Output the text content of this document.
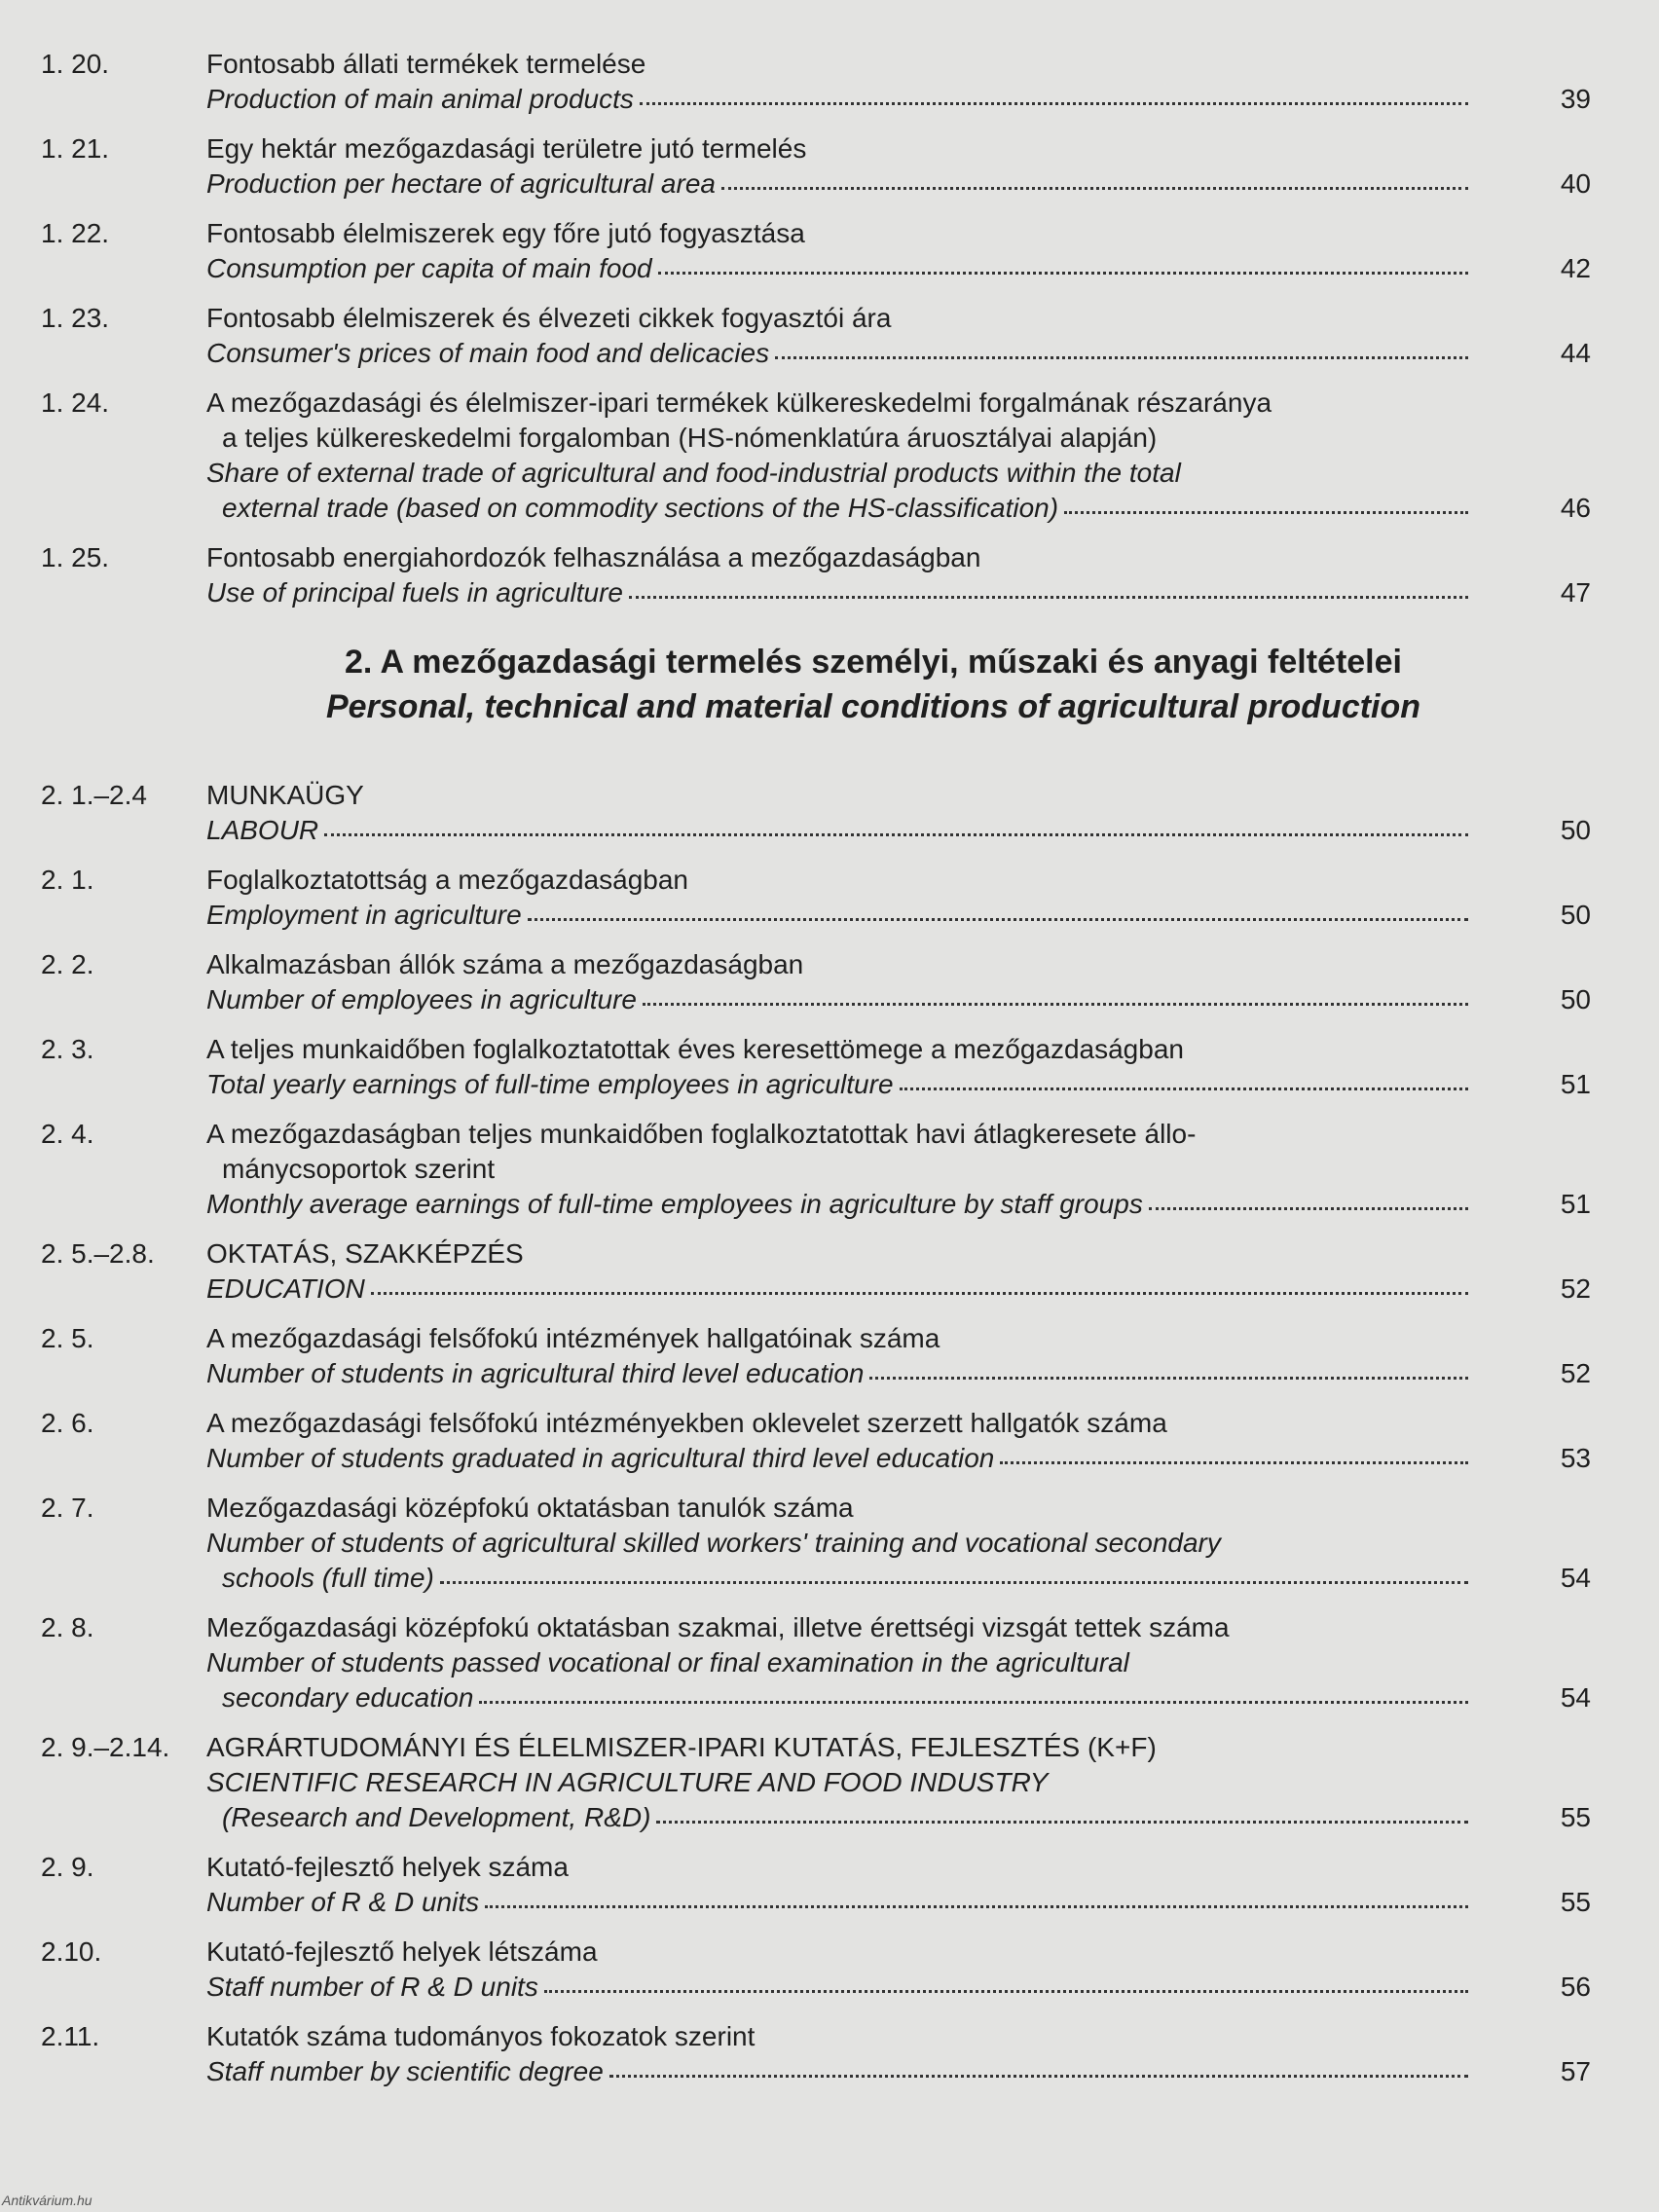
1. 20.	Fontosabb állati termékek termelése
Production of main animal products	39
1. 21.	Egy hektár mezőgazdasági területre jutó termelés
Production per hectare of agricultural area	40
1. 22.	Fontosabb élelmiszerek egy főre jutó fogyasztása
Consumption per capita of main food	42
1. 23.	Fontosabb élelmiszerek és élvezeti cikkek fogyasztói ára
Consumer's prices of main food and delicacies	44
1. 24.	A mezőgazdasági és élelmiszer-ipari termékek külkereskedelmi forgalmának részaránya
a teljes külkereskedelmi forgalomban (HS-nómenklatúra áruosztályai alapján)
Share of external trade of agricultural and food-industrial products within the total
external trade (based on commodity sections of the HS-classification)	46
1. 25.	Fontosabb energiahordozók felhasználása a mezőgazdaságban
Use of principal fuels in agriculture	47
2. A mezőgazdasági termelés személyi, műszaki és anyagi feltételei
Personal, technical and material conditions of agricultural production
2. 1.–2.4	MUNKAÜGY
LABOUR	50
2. 1.	Foglalkoztatottság a mezőgazdaságban
Employment in agriculture	50
2. 2.	Alkalmazásban állók száma a mezőgazdaságban
Number of employees in agriculture	50
2. 3.	A teljes munkaidőben foglalkoztatottak éves keresettömege a mezőgazdaságban
Total yearly earnings of full-time employees in agriculture	51
2. 4.	A mezőgazdaságban teljes munkaidőben foglalkoztatottak havi átlagkeresete állo-
mánycsoportok szerint
Monthly average earnings of full-time employees in agriculture by staff groups	51
2. 5.–2.8.	OKTATÁS, SZAKKÉPZÉS
EDUCATION	52
2. 5.	A mezőgazdasági felsőfokú intézmények hallgatóinak száma
Number of students in agricultural third level education	52
2. 6.	A mezőgazdasági felsőfokú intézményekben oklevelet szerzett hallgatók száma
Number of students graduated in agricultural third level education	53
2. 7.	Mezőgazdasági középfokú oktatásban tanulók száma
Number of students of agricultural skilled workers' training and vocational secondary
schools (full time)	54
2. 8.	Mezőgazdasági középfokú oktatásban szakmai, illetve érettségi vizsgát tettek száma
Number of students passed vocational or final examination in the agricultural
secondary education	54
2. 9.–2.14.	AGRÁRTUDOMÁNYI ÉS ÉLELMISZER-IPARI KUTATÁS, FEJLESZTÉS (K+F)
SCIENTIFIC RESEARCH IN AGRICULTURE AND FOOD INDUSTRY
(Research and Development, R&D)	55
2. 9.	Kutató-fejlesztő helyek száma
Number of R & D units	55
2.10.	Kutató-fejlesztő helyek létszáma
Staff number of R & D units	56
2.11.	Kutatók száma tudományos fokozatok szerint
Staff number by scientific degree	57
Antikvárium.hu
